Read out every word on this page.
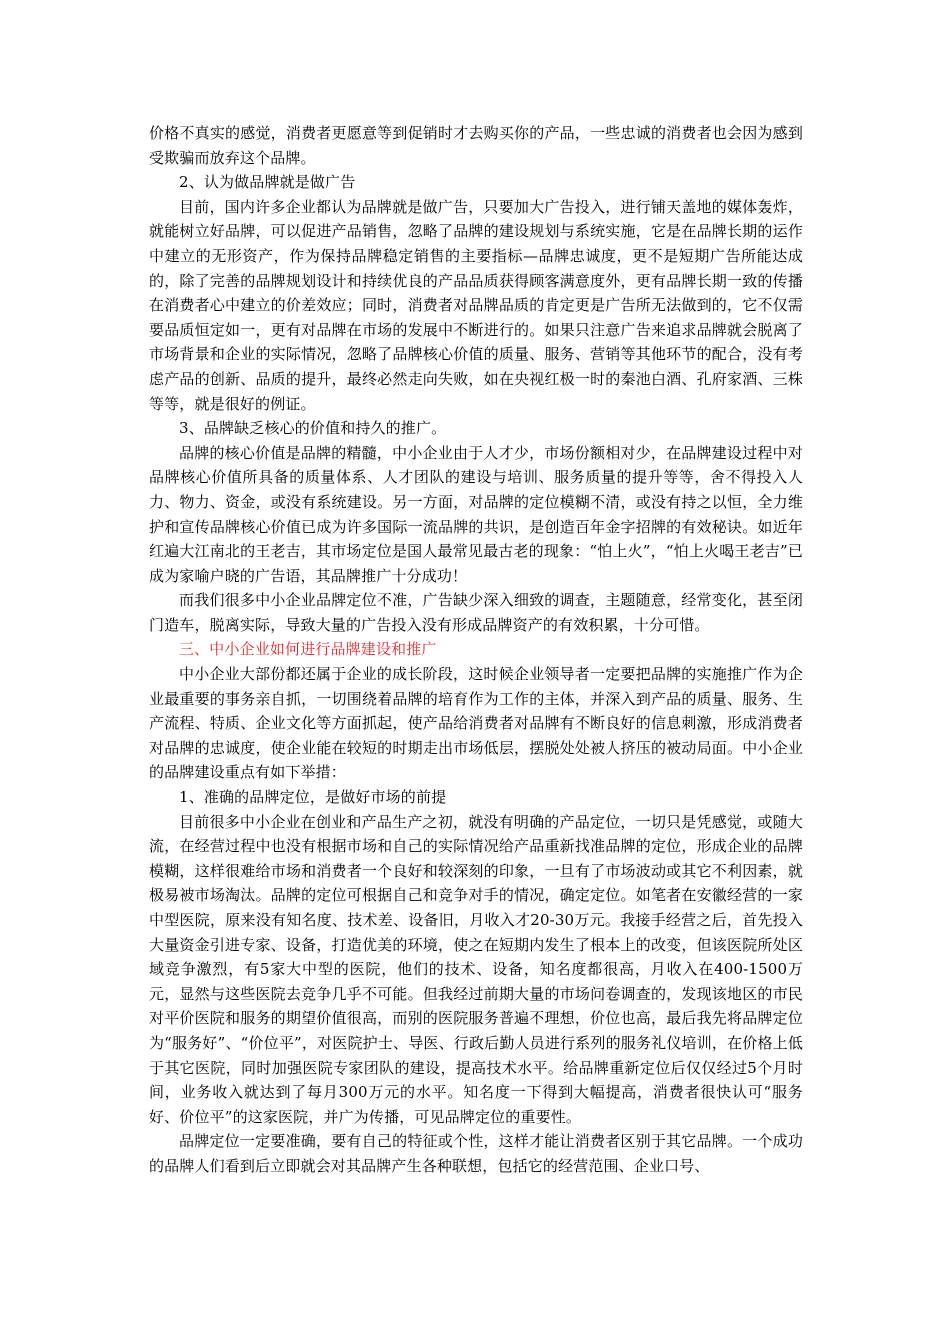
价格不真实的感觉，消费者更愿意等到促销时才去购买你的产品，一些忠诚的消费者也会因为感到受欺骗而放弃这个品牌。

2、认为做品牌就是做广告

目前，国内许多企业都认为品牌就是做广告，只要加大广告投入，进行铺天盖地的媒体轰炸，就能树立好品牌，可以促进产品销售，忽略了品牌的建设规划与系统实施，它是在品牌长期的运作中建立的无形资产，作为保持品牌稳定销售的主要指标—品牌忠诚度，更不是短期广告所能达成的，除了完善的品牌规划设计和持续优良的产品品质获得顾客满意度外，更有品牌长期一致的传播在消费者心中建立的价差效应；同时，消费者对品牌品质的肯定更是广告所无法做到的，它不仅需要品质恒定如一，更有对品牌在市场的发展中不断进行的。如果只注意广告来追求品牌就会脱离了市场背景和企业的实际情况，忽略了品牌核心价值的质量、服务、营销等其他环节的配合，没有考虑产品的创新、品质的提升，最终必然走向失败，如在央视红极一时的秦池白酒、孔府家酒、三株等等，就是很好的例证。

3、品牌缺乏核心的价值和持久的推广。

品牌的核心价值是品牌的精髓，中小企业由于人才少，市场份额相对少，在品牌建设过程中对品牌核心价值所具备的质量体系、人才团队的建设与培训、服务质量的提升等等，舍不得投入人力、物力、资金，或没有系统建设。另一方面，对品牌的定位模糊不清，或没有持之以恒，全力维护和宣传品牌核心价值已成为许多国际一流品牌的共识，是创造百年金字招牌的有效秘诀。如近年红遍大江南北的王老吉，其市场定位是国人最常见最古老的现象：“怕上火”，“怕上火喝王老吉”已成为家喻户晓的广告语，其品牌推广十分成功！

而我们很多中小企业品牌定位不准，广告缺少深入细致的调查，主题随意，经常变化，甚至闭门造车，脱离实际，导致大量的广告投入没有形成品牌资产的有效积累，十分可惜。

三、中小企业如何进行品牌建设和推广

中小企业大部份都还属于企业的成长阶段，这时候企业领导者一定要把品牌的实施推广作为企业最重要的事务亲自抓，一切围绕着品牌的培育作为工作的主体，并深入到产品的质量、服务、生产流程、特质、企业文化等方面抓起，使产品给消费者对品牌有不断良好的信息刺激，形成消费者对品牌的忠诚度，使企业能在较短的时期走出市场低层，摆脱处处被人挤压的被动局面。中小企业的品牌建设重点有如下举措：

1、准确的品牌定位，是做好市场的前提

目前很多中小企业在创业和产品生产之初，就没有明确的产品定位，一切只是凭感觉，或随大流，在经营过程中也没有根据市场和自己的实际情况给产品重新找准品牌的定位，形成企业的品牌模糊，这样很难给市场和消费者一个良好和较深刻的印象，一旦有了市场波动或其它不利因素，就极易被市场淘汰。品牌的定位可根据自己和竞争对手的情况，确定定位。如笔者在安徽经营的一家中型医院，原来没有知名度、技术差、设备旧，月收入才20-30万元。我接手经营之后，首先投入大量资金引进专家、设备，打造优美的环境，使之在短期内发生了根本上的改变，但该医院所处区域竞争激烈，有5家大中型的医院，他们的技术、设备，知名度都很高，月收入在400-1500万元，显然与这些医院去竞争几乎不可能。但我经过前期大量的市场问卷调查的，发现该地区的市民对平价医院和服务的期望价值很高，而别的医院服务普遍不理想，价位也高，最后我先将品牌定位为“服务好”、“价位平”，对医院护士、导医、行政后勤人员进行系列的服务礼仪培训，在价格上低于其它医院，同时加强医院专家团队的建设，提高技术水平。给品牌重新定位后仅仅经过5个月时间，业务收入就达到了每月300万元的水平。知名度一下得到大幅提高，消费者很快认可“服务好、价位平”的这家医院，并广为传播，可见品牌定位的重要性。

品牌定位一定要准确，要有自己的特征或个性，这样才能让消费者区别于其它品牌。一个成功的品牌人们看到后立即就会对其品牌产生各种联想，包括它的经营范围、企业口号、
